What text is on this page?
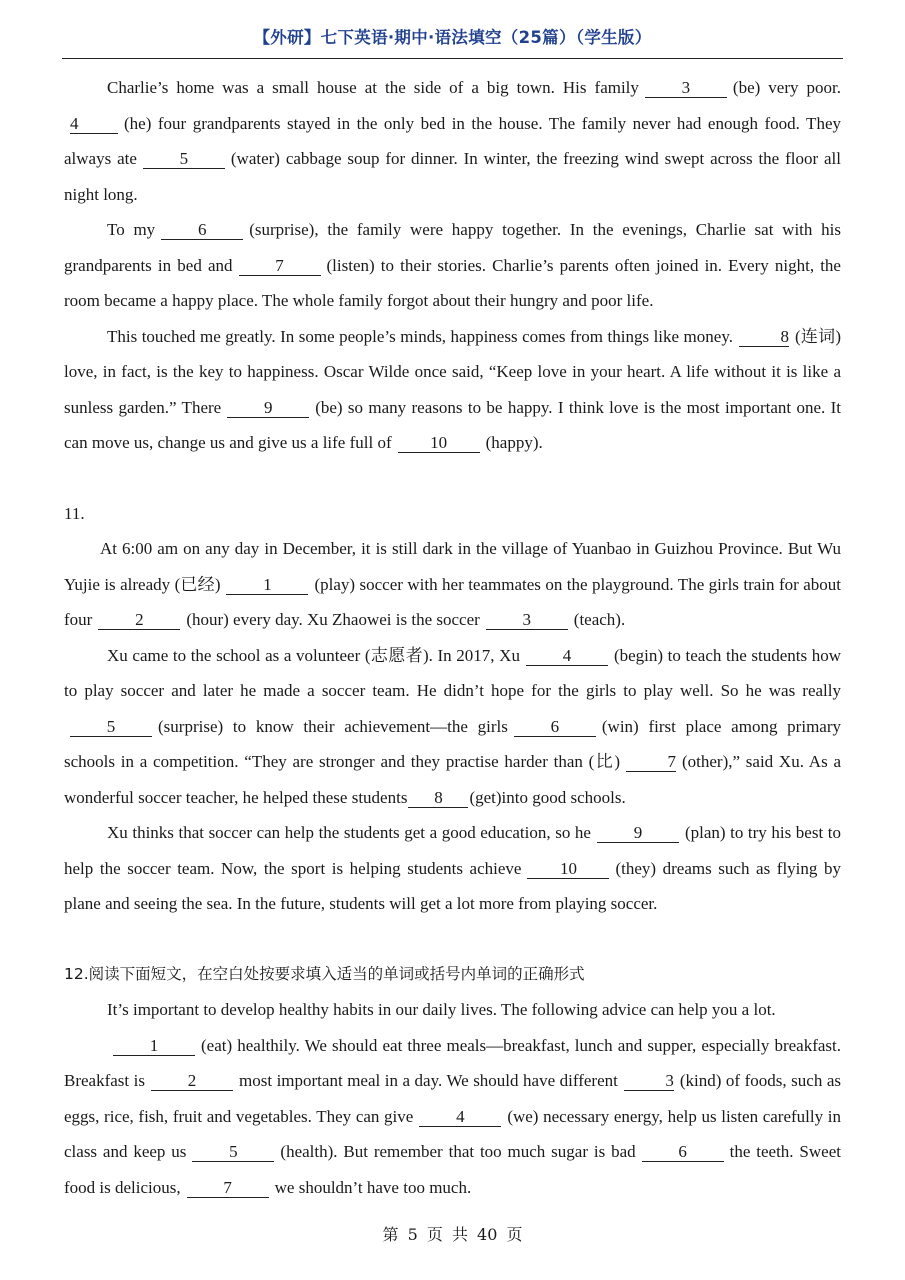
【外研】七下英语·期中·语法填空（25篇）（学生版）

Charlie’s home was a small house at the side of a big town. His family	3	(be) very poor. 4	(he) four grandparents stayed in the only bed in the house. The family never had enough food. They always ate	5	(water) cabbage soup for dinner. In winter, the freezing wind swept across the floor all night long.

To my	6	(surprise), the family were happy together. In the evenings, Charlie sat with his grandparents in bed and	7	(listen) to their stories. Charlie’s parents often joined in. Every night, the room became a happy place. The whole family forgot about their hungry and poor life.

This touched me greatly. In some people’s minds, happiness comes from things like money.	8 (连词) love, in fact, is the key to happiness. Oscar Wilde once said, “Keep love in your heart. A life without it is like a sunless garden.” There	9	(be) so many reasons to be happy. I think love is the most important one. It can move us, change us and give us a life full of 10 (happy).

11.

At 6:00 am on any day in December, it is still dark in the village of Yuanbao in Guizhou Province. But Wu Yujie is already (已经)	1	(play) soccer with her teammates on the playground. The girls train for about four	2	(hour) every day. Xu Zhaowei is the soccer	3	(teach).

Xu came to the school as a volunteer (志愿者). In 2017, Xu	4	(begin) to teach the students how to play soccer and later he made a soccer team. He didn’t hope for the girls to play well. So he was really5	(surprise) to know their achievement—the girls	6	(win) first place among primary schools in a competition. “They are stronger and they practise harder than (比)	7 (other),” said Xu. As a wonderful soccer teacher, he helped these students 8 (get)into good schools.

Xu thinks that soccer can help the students get a good education, so he	9	(plan) to try his best to help the soccer team. Now, the sport is helping students achieve 10 (they) dreams such as flying by plane and seeing the sea. In the future, students will get a lot more from playing soccer.

12.阅读下面短文，在空白处按要求填入适当的单词或括号内单词的正确形式

It’s important to develop healthy habits in our daily lives. The following advice can help you a lot.

1	(eat) healthily. We should eat three meals—breakfast, lunch and supper, especially breakfast. Breakfast is	2	most important meal in a day. We should have different	3 (kind) of foods, such as eggs, rice, fish, fruit and vegetables. They can give	4	(we) necessary energy, help us listen carefully in class and keep us	5	(health). But remember that too much sugar is bad	6	the teeth. Sweet food is delicious,	7	we shouldn’t have too much.

第 5 页 共 40 页
